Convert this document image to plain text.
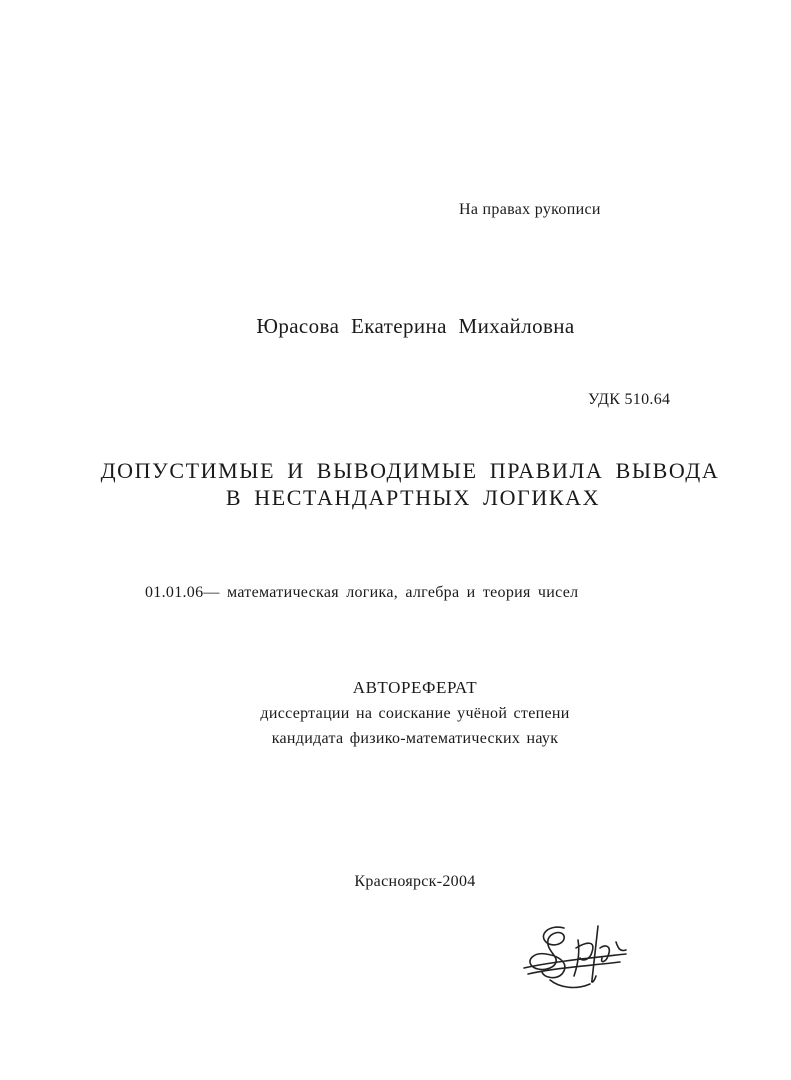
На правах рукописи
Юрасова Екатерина Михайловна
УДК 510.64
ДОПУСТИМЫЕ И ВЫВОДИМЫЕ ПРАВИЛА ВЫВОДА
В НЕСТАНДАРТНЫХ ЛОГИКАХ
01.01.06— математическая логика, алгебра и теория чисел
АВТОРЕФЕРАТ
диссертации на соискание учёной степени
кандидата физико-математических наук
Красноярск-2004
